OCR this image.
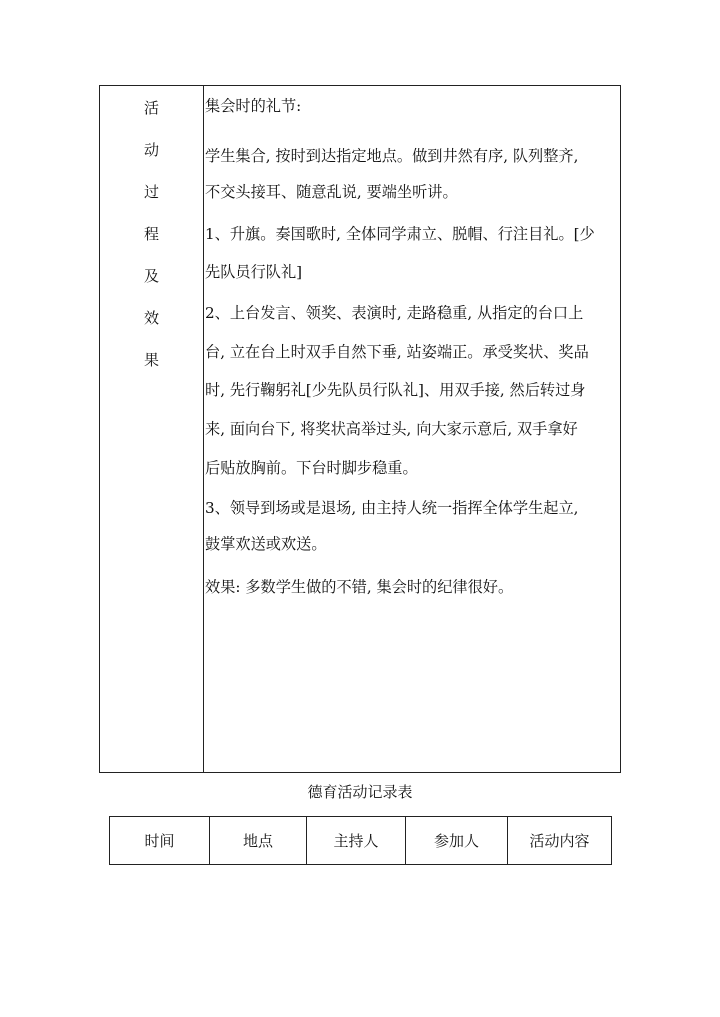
活
动
过
程
及
效
果
集会时的礼节:
学生集合, 按时到达指定地点。做到井然有序, 队列整齐,
不交头接耳、随意乱说, 要端坐听讲。
1、升旗。奏国歌时, 全体同学肃立、脱帽、行注目礼。[少
先队员行队礼]
2、上台发言、领奖、表演时, 走路稳重, 从指定的台口上
台, 立在台上时双手自然下垂, 站姿端正。承受奖状、奖品
时, 先行鞠躬礼[少先队员行队礼]、用双手接, 然后转过身
来, 面向台下, 将奖状高举过头, 向大家示意后, 双手拿好
后贴放胸前。下台时脚步稳重。
3、领导到场或是退场, 由主持人统一指挥全体学生起立,
鼓掌欢送或欢送。
效果: 多数学生做的不错, 集会时的纪律很好。
德育活动记录表
时间	地点	主持人	参加人	活动内容
